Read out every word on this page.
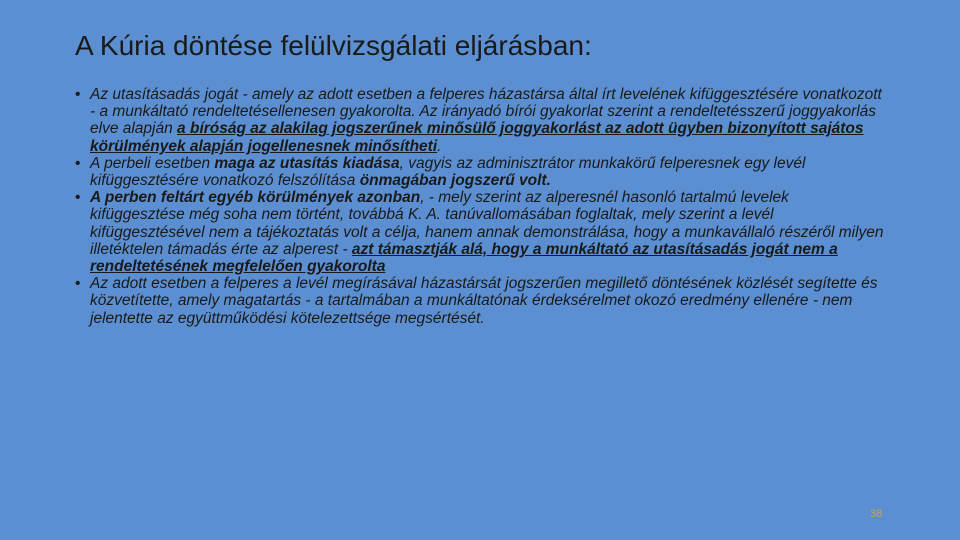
A Kúria döntése felülvizsgálati eljárásban:
• Az utasításadás jogát - amely az adott esetben a felperes házastársa által írt levelének kifüggesztésére vonatkozott - a munkáltató rendeltetésellenesen gyakorolta. Az irányadó bírói gyakorlat szerint a rendeltetésszerű joggyakorlás elve alapján a bíróság az alakilag jogszerűnek minősülő joggyakorlást az adott ügyben bizonyított sajátos körülmények alapján jogellenesnek minősítheti.
• A perbeli esetben maga az utasítás kiadása, vagyis az adminisztrátor munkakörű felperesnek egy levél kifüggesztésére vonatkozó felszólítása önmagában jogszerű volt.
• A perben feltárt egyéb körülmények azonban, - mely szerint az alperesnél hasonló tartalmú levelek kifüggesztése még soha nem történt, továbbá K. A. tanúvallomásában foglaltak, mely szerint a levél kifüggesztésével nem a tájékoztatás volt a célja, hanem annak demonstrálása, hogy a munkavállaló részéről milyen illetéktelen támadás érte az alperest - azt támasztják alá, hogy a munkáltató az utasításadás jogát nem a rendeltetésének megfelelően gyakorolta
• Az adott esetben a felperes a levél megírásával házastársát jogszerűen megillető döntésének közlését segítette és közvetítette, amely magatartás - a tartalmában a munkáltatónak érdeksérelmet okozó eredmény ellenére - nem jelentette az együttműködési kötelezettsége megsértését.
38
